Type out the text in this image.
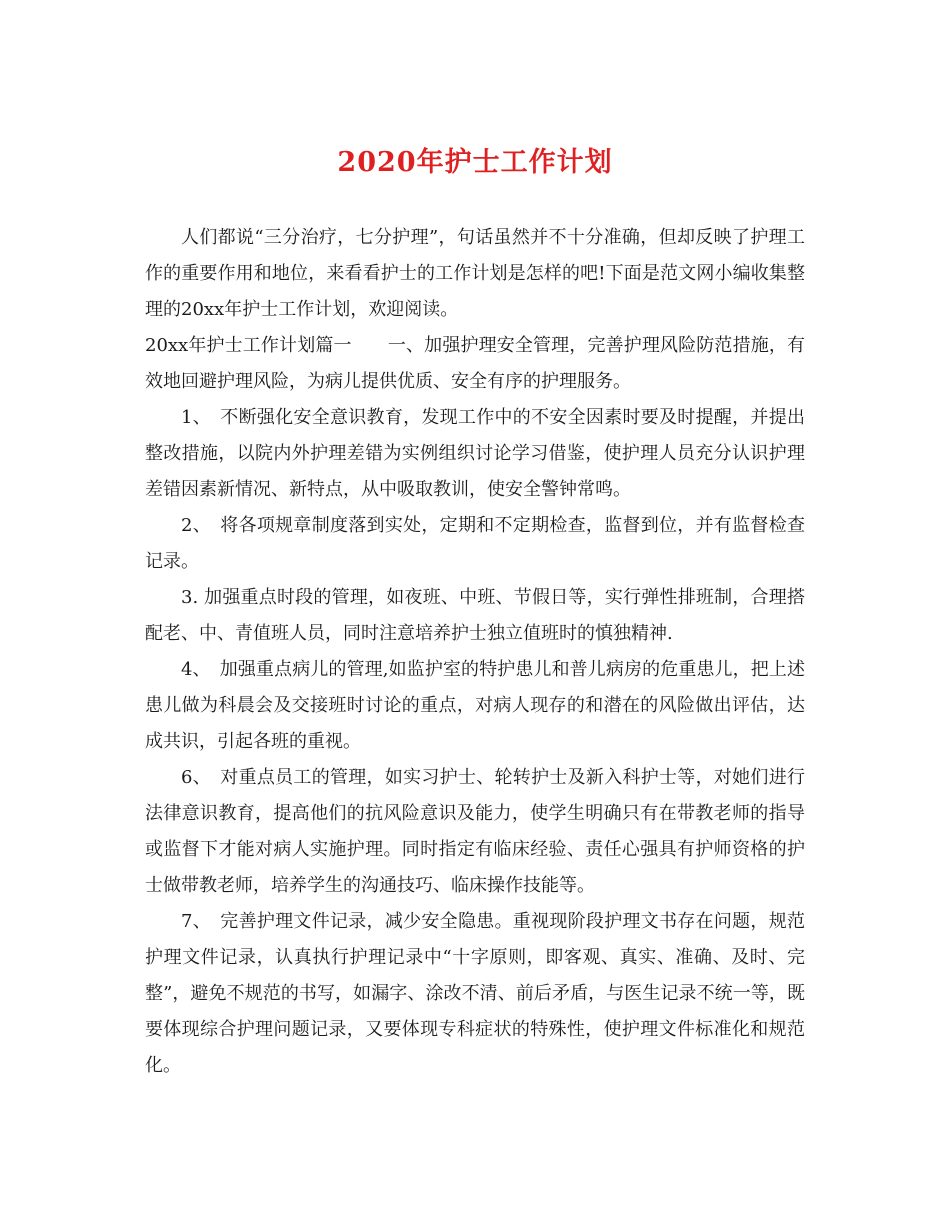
2020年护士工作计划

人们都说“三分治疗，七分护理”，句话虽然并不十分准确，但却反映了护理工作的重要作用和地位，来看看护士的工作计划是怎样的吧!下面是范文网小编收集整理的20xx年护士工作计划，欢迎阅读。

20xx年护士工作计划篇一　　一、加强护理安全管理，完善护理风险防范措施，有效地回避护理风险，为病儿提供优质、安全有序的护理服务。

1、　不断强化安全意识教育，发现工作中的不安全因素时要及时提醒，并提出整改措施，以院内外护理差错为实例组织讨论学习借鉴，使护理人员充分认识护理差错因素新情况、新特点，从中吸取教训，使安全警钟常鸣。

2、　将各项规章制度落到实处，定期和不定期检查，监督到位，并有监督检查记录。

3. 加强重点时段的管理，如夜班、中班、节假日等，实行弹性排班制，合理搭配老、中、青值班人员，同时注意培养护士独立值班时的慎独精神.

4、　加强重点病儿的管理,如监护室的特护患儿和普儿病房的危重患儿，把上述患儿做为科晨会及交接班时讨论的重点，对病人现存的和潜在的风险做出评估，达成共识，引起各班的重视。

6、　对重点员工的管理，如实习护士、轮转护士及新入科护士等，对她们进行法律意识教育，提高他们的抗风险意识及能力，使学生明确只有在带教老师的指导或监督下才能对病人实施护理。同时指定有临床经验、责任心强具有护师资格的护士做带教老师，培养学生的沟通技巧、临床操作技能等。

7、　完善护理文件记录，减少安全隐患。重视现阶段护理文书存在问题，规范护理文件记录，认真执行护理记录中“十字原则，即客观、真实、准确、及时、完整”，避免不规范的书写，如漏字、涂改不清、前后矛盾，与医生记录不统一等，既要体现综合护理问题记录，又要体现专科症状的特殊性，使护理文件标准化和规范化。
